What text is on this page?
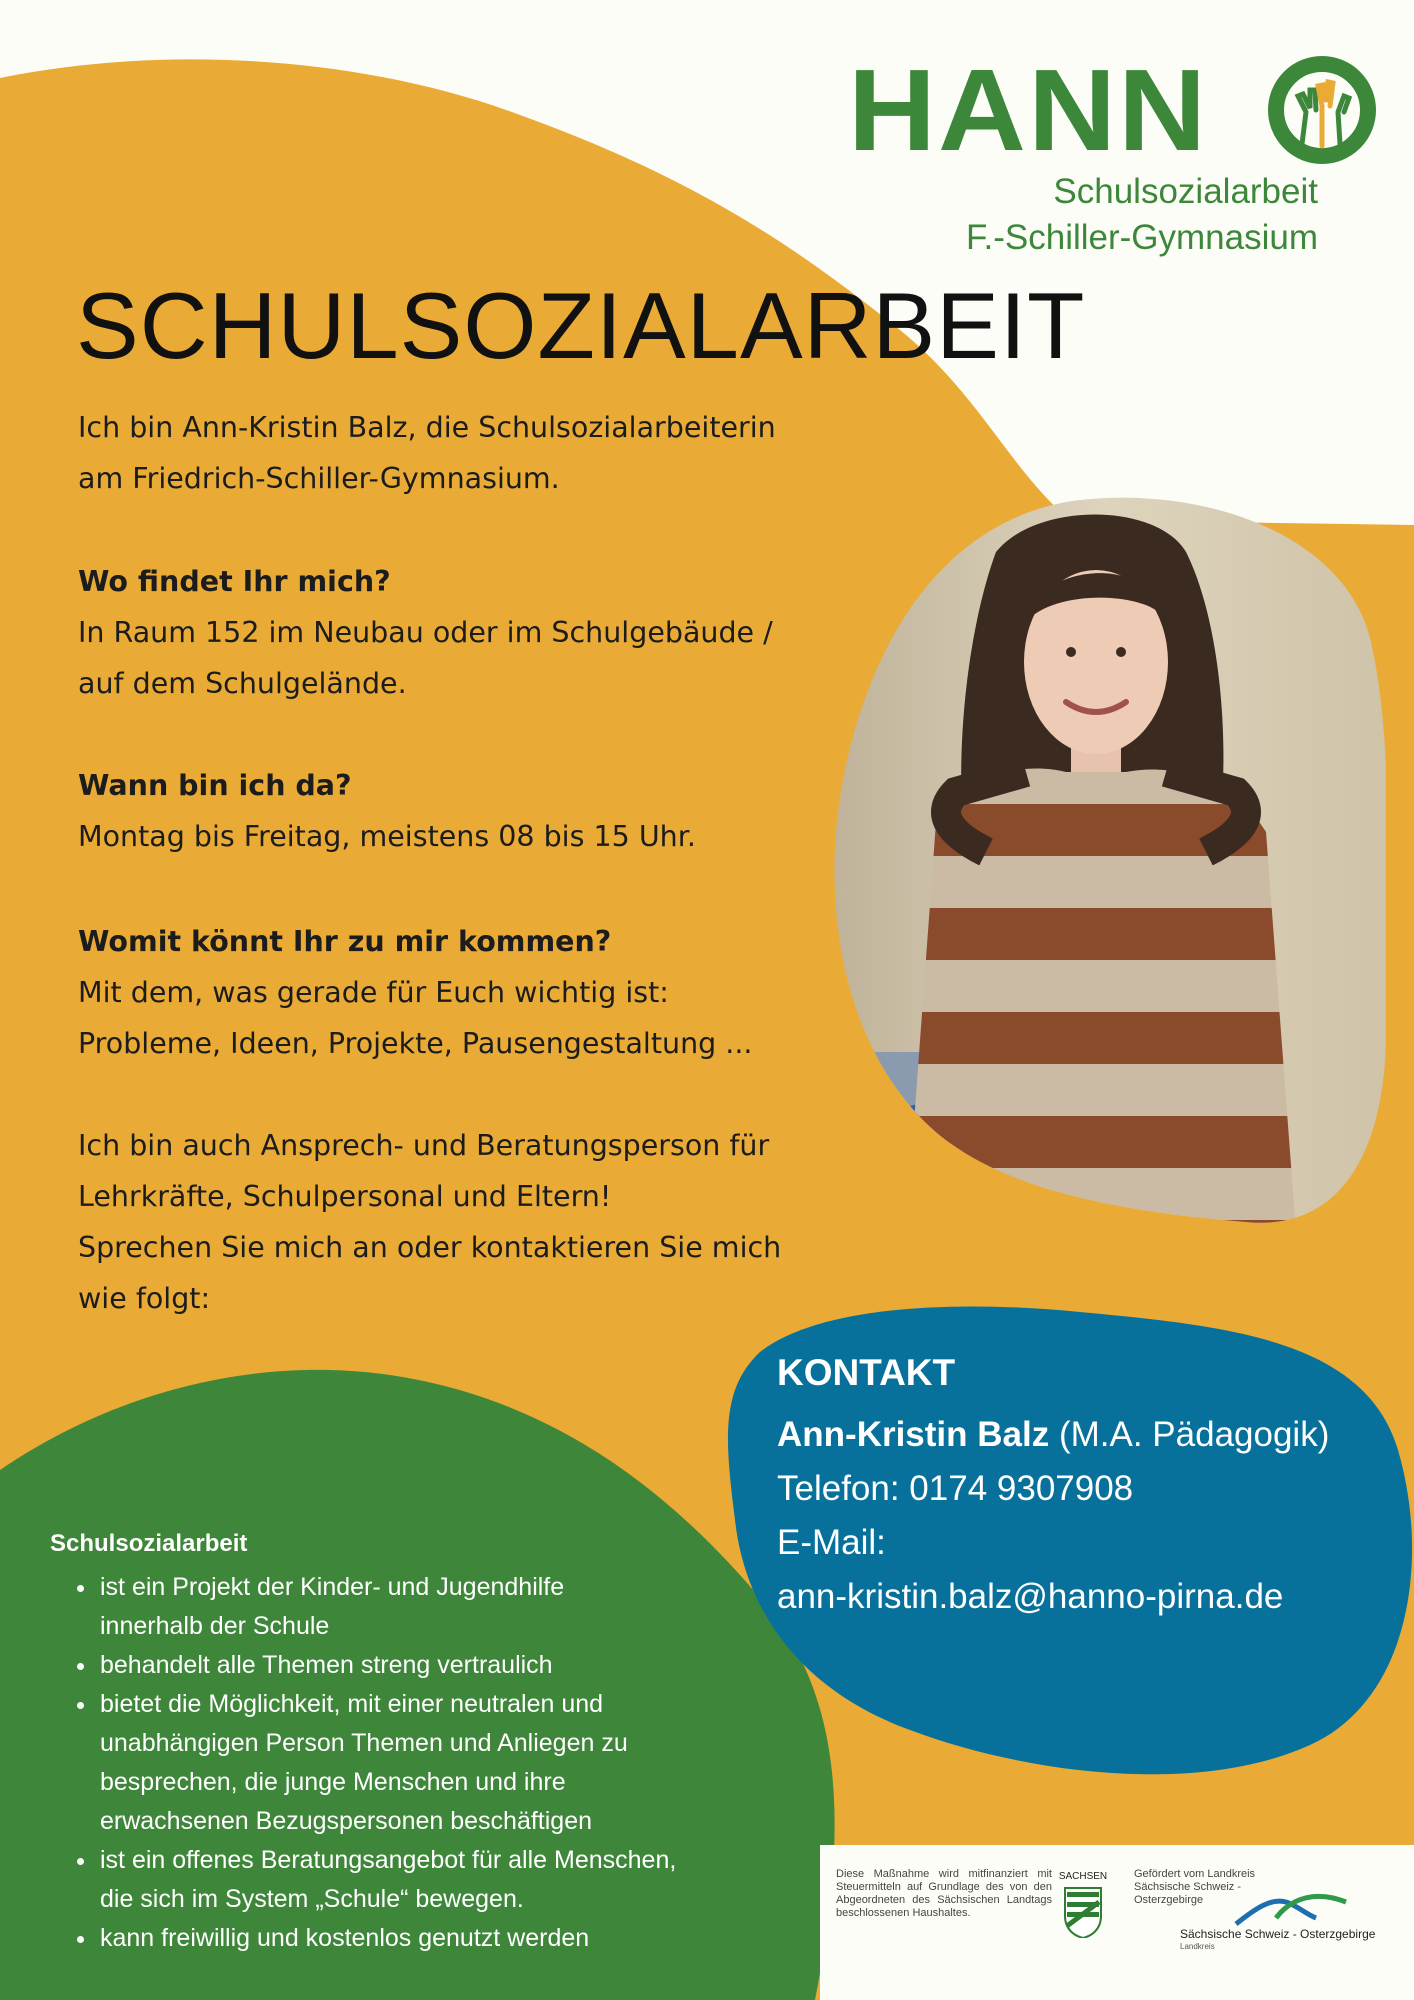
HANN
Schulsozialarbeit
F.-Schiller-Gymnasium
SCHULSOZIALARBEIT

Ich bin Ann-Kristin Balz, die Schulsozialarbeiterin

am Friedrich-Schiller-Gymnasium.

Wo findet Ihr mich?

In Raum 152 im Neubau oder im Schulgebäude /

auf dem Schulgelände.

Wann bin ich da?

Montag bis Freitag, meistens 08 bis 15 Uhr.

Womit könnt Ihr zu mir kommen?

Mit dem, was gerade für Euch wichtig ist:

Probleme, Ideen, Projekte, Pausengestaltung ...

Ich bin auch Ansprech- und Beratungsperson für

Lehrkräfte, Schulpersonal und Eltern!

Sprechen Sie mich an oder kontaktieren Sie mich

wie folgt:

KONTAKT

Ann-Kristin Balz (M.A. Pädagogik)

Telefon: 0174 9307908

E-Mail:

ann-kristin.balz@hanno-pirna.de

Schulsozialarbeit

• ist ein Projekt der Kinder- und Jugendhilfe
innerhalb der Schule
• behandelt alle Themen streng vertraulich
• bietet die Möglichkeit, mit einer neutralen und
unabhängigen Person Themen und Anliegen zu
besprechen, die junge Menschen und ihre
erwachsenen Bezugspersonen beschäftigen
• ist ein offenes Beratungsangebot für alle Menschen,
die sich im System „Schule“ bewegen.
• kann freiwillig und kostenlos genutzt werden
Diese Maßnahme wird mitfinanziert mit Steuermitteln auf Grundlage des von den Abgeordneten des Sächsischen Landtags beschlossenen Haushaltes.
SACHSEN Gefördert vom Landkreis
Sächsische Schweiz -
Osterzgebirge
Sächsische Schweiz - Osterzgebirge
Landkreis
